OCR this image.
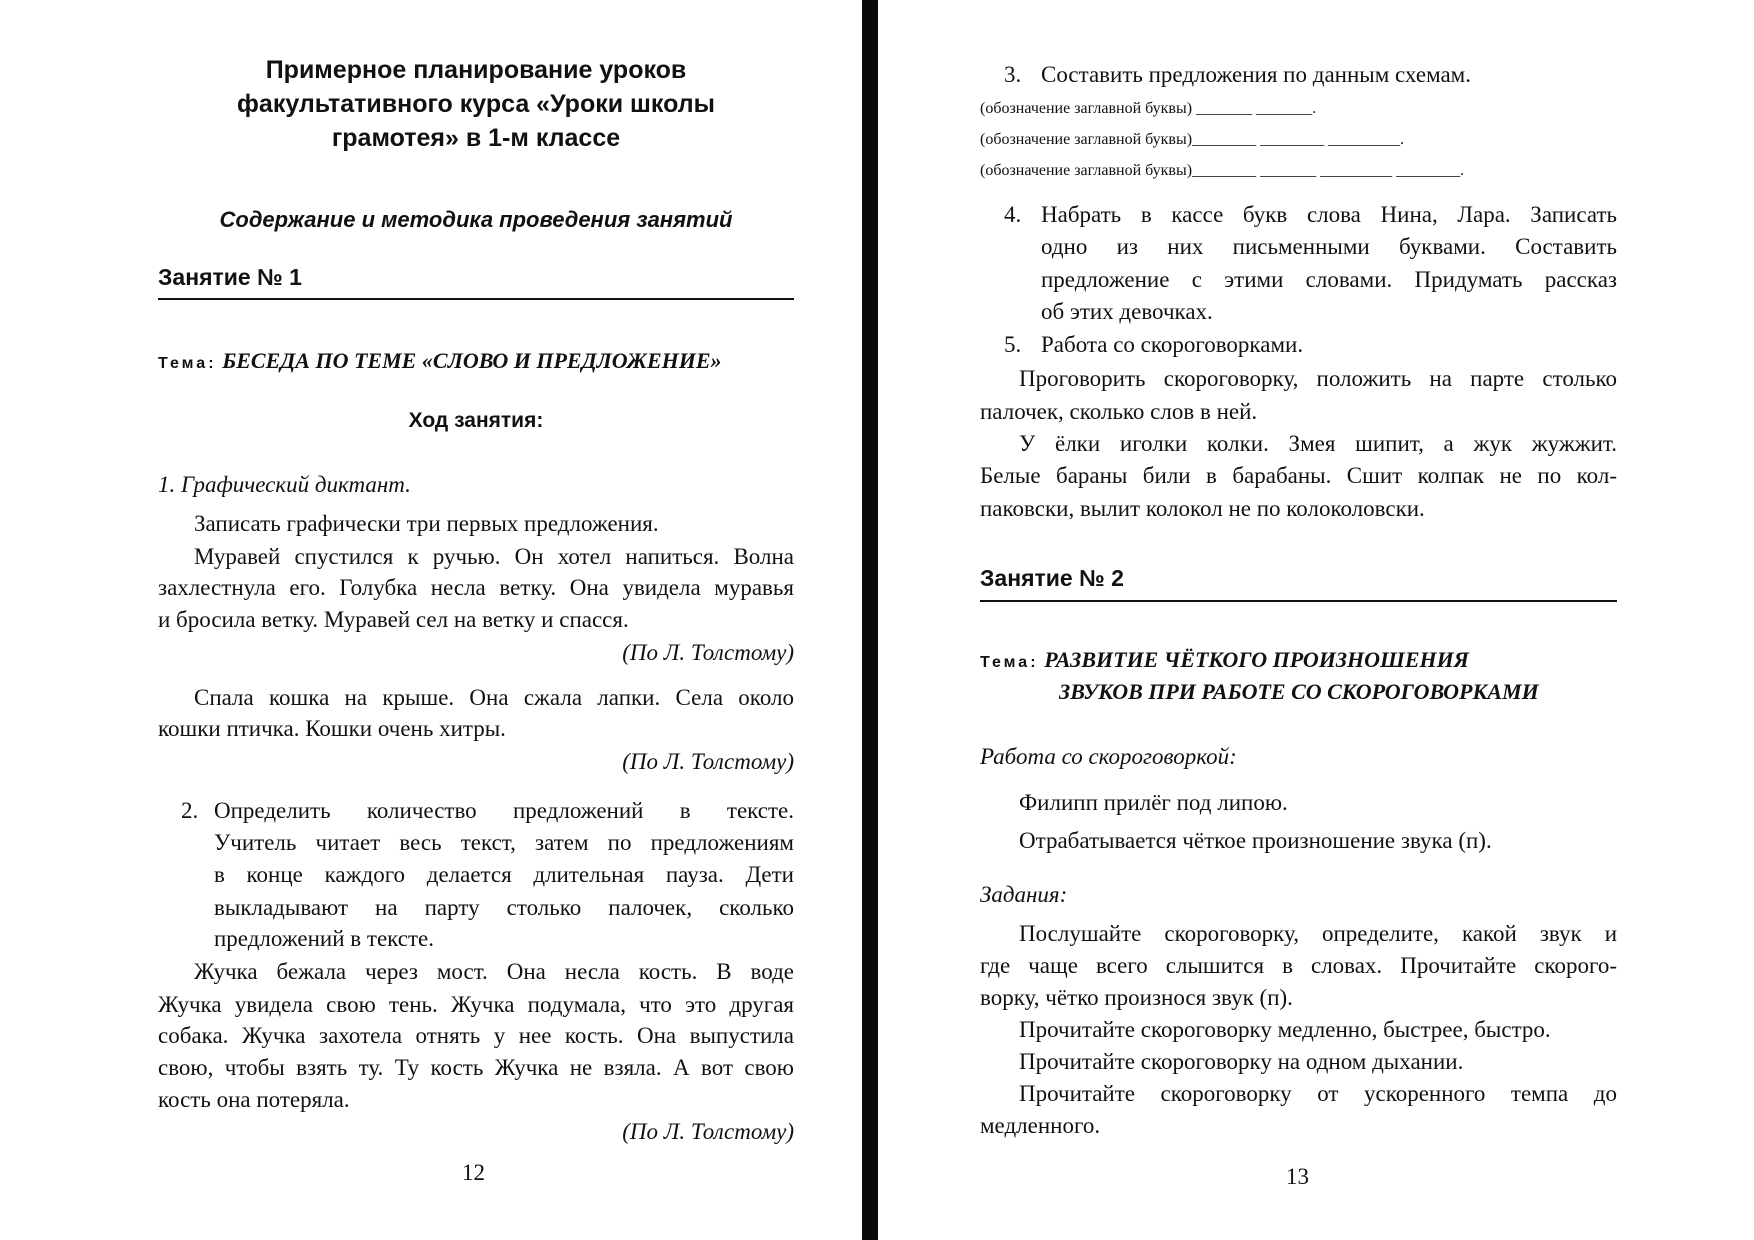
Примерное планирование уроков
факультативного курса «Уроки школы
грамотея» в 1-м классе
Содержание и методика проведения занятий
Занятие № 1
Тема: БЕСЕДА ПО ТЕМЕ «СЛОВО И ПРЕДЛОЖЕНИЕ»
Ход занятия:
1. Графический диктант.
Записать графически три первых предложения.
Муравей спустился к ручью. Он хотел напиться. Волна
захлестнула его. Голубка несла ветку. Она увидела муравья
и бросила ветку. Муравей сел на ветку и спасся.
(По Л. Толстому)
Спала кошка на крыше. Она сжала лапки. Села около
кошки птичка. Кошки очень хитры.
(По Л. Толстому)
2. Определить количество предложений в тексте.
Учитель читает весь текст, затем по предложениям
в конце каждого делается длительная пауза. Дети
выкладывают на парту столько палочек, сколько
предложений в тексте.
Жучка бежала через мост. Она несла кость. В воде
Жучка увидела свою тень. Жучка подумала, что это другая
собака. Жучка захотела отнять у нее кость. Она выпустила
свою, чтобы взять ту. Ту кость Жучка не взяла. А вот свою
кость она потеряла.
(По Л. Толстому)
12
3. Составить предложения по данным схемам.
(обозначение заглавной буквы) _______ _______.
(обозначение заглавной буквы)________ ________ _________.
(обозначение заглавной буквы)________ _______ _________ ________.
4. Набрать в кассе букв слова Нина, Лара. Записать
одно из них письменными буквами. Составить
предложение с этими словами. Придумать рассказ
об этих девочках.
5. Работа со скороговорками.
Проговорить скороговорку, положить на парте столько
палочек, сколько слов в ней.
У ёлки иголки колки. Змея шипит, а жук жужжит.
Белые бараны били в барабаны. Сшит колпак не по кол-
паковски, вылит колокол не по колоколовски.
Занятие № 2
Тема: РАЗВИТИЕ ЧЁТКОГО ПРОИЗНОШЕНИЯ
ЗВУКОВ ПРИ РАБОТЕ СО СКОРОГОВОРКАМИ
Работа со скороговоркой:
Филипп прилёг под липою.
Отрабатывается чёткое произношение звука (п).
Задания:
Послушайте скороговорку, определите, какой звук и
где чаще всего слышится в словах. Прочитайте скорого-
ворку, чётко произнося звук (п).
Прочитайте скороговорку медленно, быстрее, быстро.
Прочитайте скороговорку на одном дыхании.
Прочитайте скороговорку от ускоренного темпа до
медленного.
13
